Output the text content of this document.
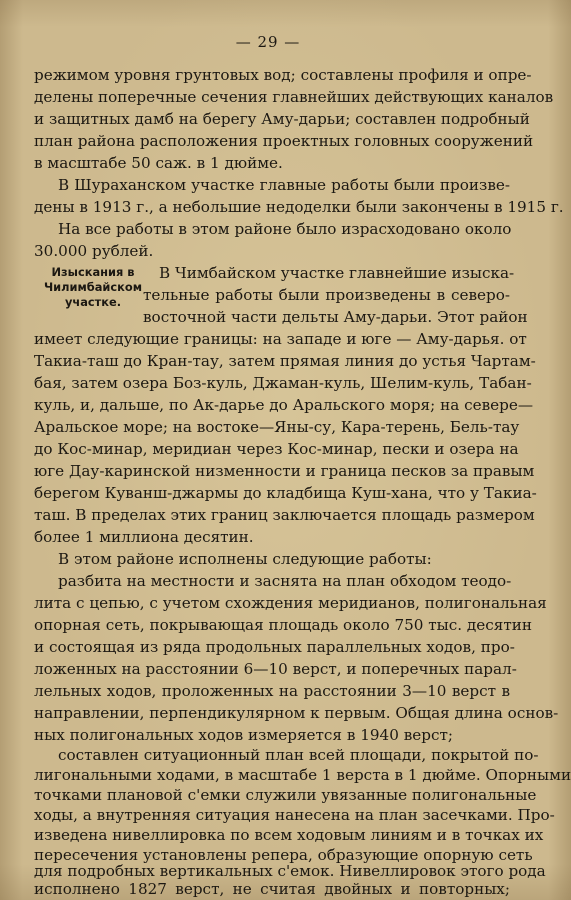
— 29 —
режимом уровня грунтовых вод; составлены профиля и опре-
делены поперечные сечения главнейших действующих каналов
и защитных дамб на берегу Аму-дарьи; составлен подробный
план района расположения проектных головных сооружений
в масштабе 50 саж. в 1 дюйме.
В Шураханском участке главные работы были произве-
дены в 1913 г., а небольшие недоделки были закончены в 1915 г.
На все работы в этом районе было израсходовано около
30.000 рублей.
Изыскания в
Чилимбайском
участке.
В Чимбайском участке главнейшие изыска-
тельные работы были произведены в северо-
восточной части дельты Аму-дарьи. Этот район
имеет следующие границы: на западе и юге — Аму-дарья. от
Такиа-таш до Кран-тау, затем прямая линия до устья Чартам-
бая, затем озера Боз-куль, Джаман-куль, Шелим-куль, Табан-
куль, и, дальше, по Ак-дарье до Аральского моря; на севере—
Аральское море; на востоке—Яны-су, Кара-терень, Бель-тау
до Кос-минар, меридиан через Кос-минар, пески и озера на
юге Дау-каринской низменности и граница песков за правым
берегом Куванш-джармы до кладбища Куш-хана, что у Такиа-
таш. В пределах этих границ заключается площадь размером
более 1 миллиона десятин.
В этом районе исполнены следующие работы:
разбита на местности и заснята на план обходом теодо-
лита с цепью, с учетом схождения меридианов, полигональная
опорная сеть, покрывающая площадь около 750 тыс. десятин
и состоящая из ряда продольных параллельных ходов, про-
ложенных на расстоянии 6—10 верст, и поперечных парал-
лельных ходов, проложенных на расстоянии 3—10 верст в
направлении, перпендикулярном к первым. Общая длина основ-
ных полигональных ходов измеряется в 1940 верст;
составлен ситуационный план всей площади, покрытой по-
лигональными ходами, в масштабе 1 верста в 1 дюйме. Опорными
точками плановой с'емки служили увязанные полигональные
ходы, а внутренняя ситуация нанесена на план засечками. Про-
изведена нивеллировка по всем ходовым линиям и в точках их
пересечения установлены репера, образующие опорную сеть
для подробных вертикальных с'емок. Нивеллировок этого рода
исполнено 1827 верст, не считая двойных и повторных;
